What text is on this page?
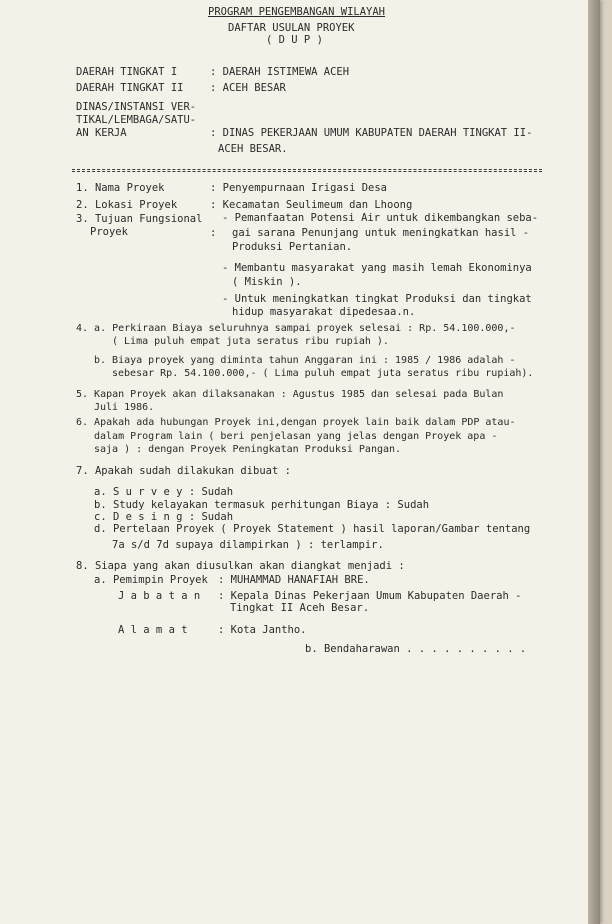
PROGRAM PENGEMBANGAN WILAYAH
DAFTAR USULAN PROYEK
( D U P )
DAERAH TINGKAT I	: DAERAH ISTIMEWA ACEH
DAERAH TINGKAT II	: ACEH BESAR
DINAS/INSTANSI VER-
TIKAL/LEMBAGA/SATU-
AN KERJA	: DINAS PEKERJAAN UMUM KABUPATEN DAERAH TINGKAT II-
ACEH BESAR.
1. Nama Proyek	: Penyempurnaan Irigasi Desa
2. Lokasi Proyek	: Kecamatan Seulimeum dan Lhoong
3. Tujuan Fungsional
Proyek	:
- Pemanfaatan Potensi Air untuk dikembangkan seba-
gai sarana Penunjang untuk meningkatkan hasil -
Produksi Pertanian.
- Membantu masyarakat yang masih lemah Ekonominya
( Miskin ).
- Untuk meningkatkan tingkat Produksi dan tingkat
hidup masyarakat dipedesaa.n.
4. a. Perkiraan Biaya seluruhnya sampai proyek selesai : Rp. 54.100.000,-
( Lima puluh empat juta seratus ribu rupiah ).
b. Biaya proyek yang diminta tahun Anggaran ini : 1985 / 1986 adalah -
sebesar Rp. 54.100.000,- ( Lima puluh empat juta seratus ribu rupiah).
5. Kapan Proyek akan dilaksanakan : Agustus 1985 dan selesai pada Bulan
Juli 1986.
6. Apakah ada hubungan Proyek ini,dengan proyek lain baik dalam PDP atau-
dalam Program lain ( beri penjelasan yang jelas dengan Proyek apa -
saja ) : dengan Proyek Peningkatan Produksi Pangan.
7. Apakah sudah dilakukan dibuat :
a. S u r v e y : Sudah
b. Study kelayakan termasuk perhitungan Biaya : Sudah
c. D e s i n g : Sudah
d. Pertelaan Proyek ( Proyek Statement ) hasil laporan/Gambar tentang
7a s/d 7d supaya dilampirkan ) : terlampir.
8. Siapa yang akan diusulkan akan diangkat menjadi :
a. Pemimpin Proyek : MUHAMMAD HANAFIAH BRE.
J a b a t a n : Kepala Dinas Pekerjaan Umum Kabupaten Daerah -
Tingkat II Aceh Besar.
A l a m a t	: Kota Jantho.
b. Bendaharawan . . . . . . . . . .
